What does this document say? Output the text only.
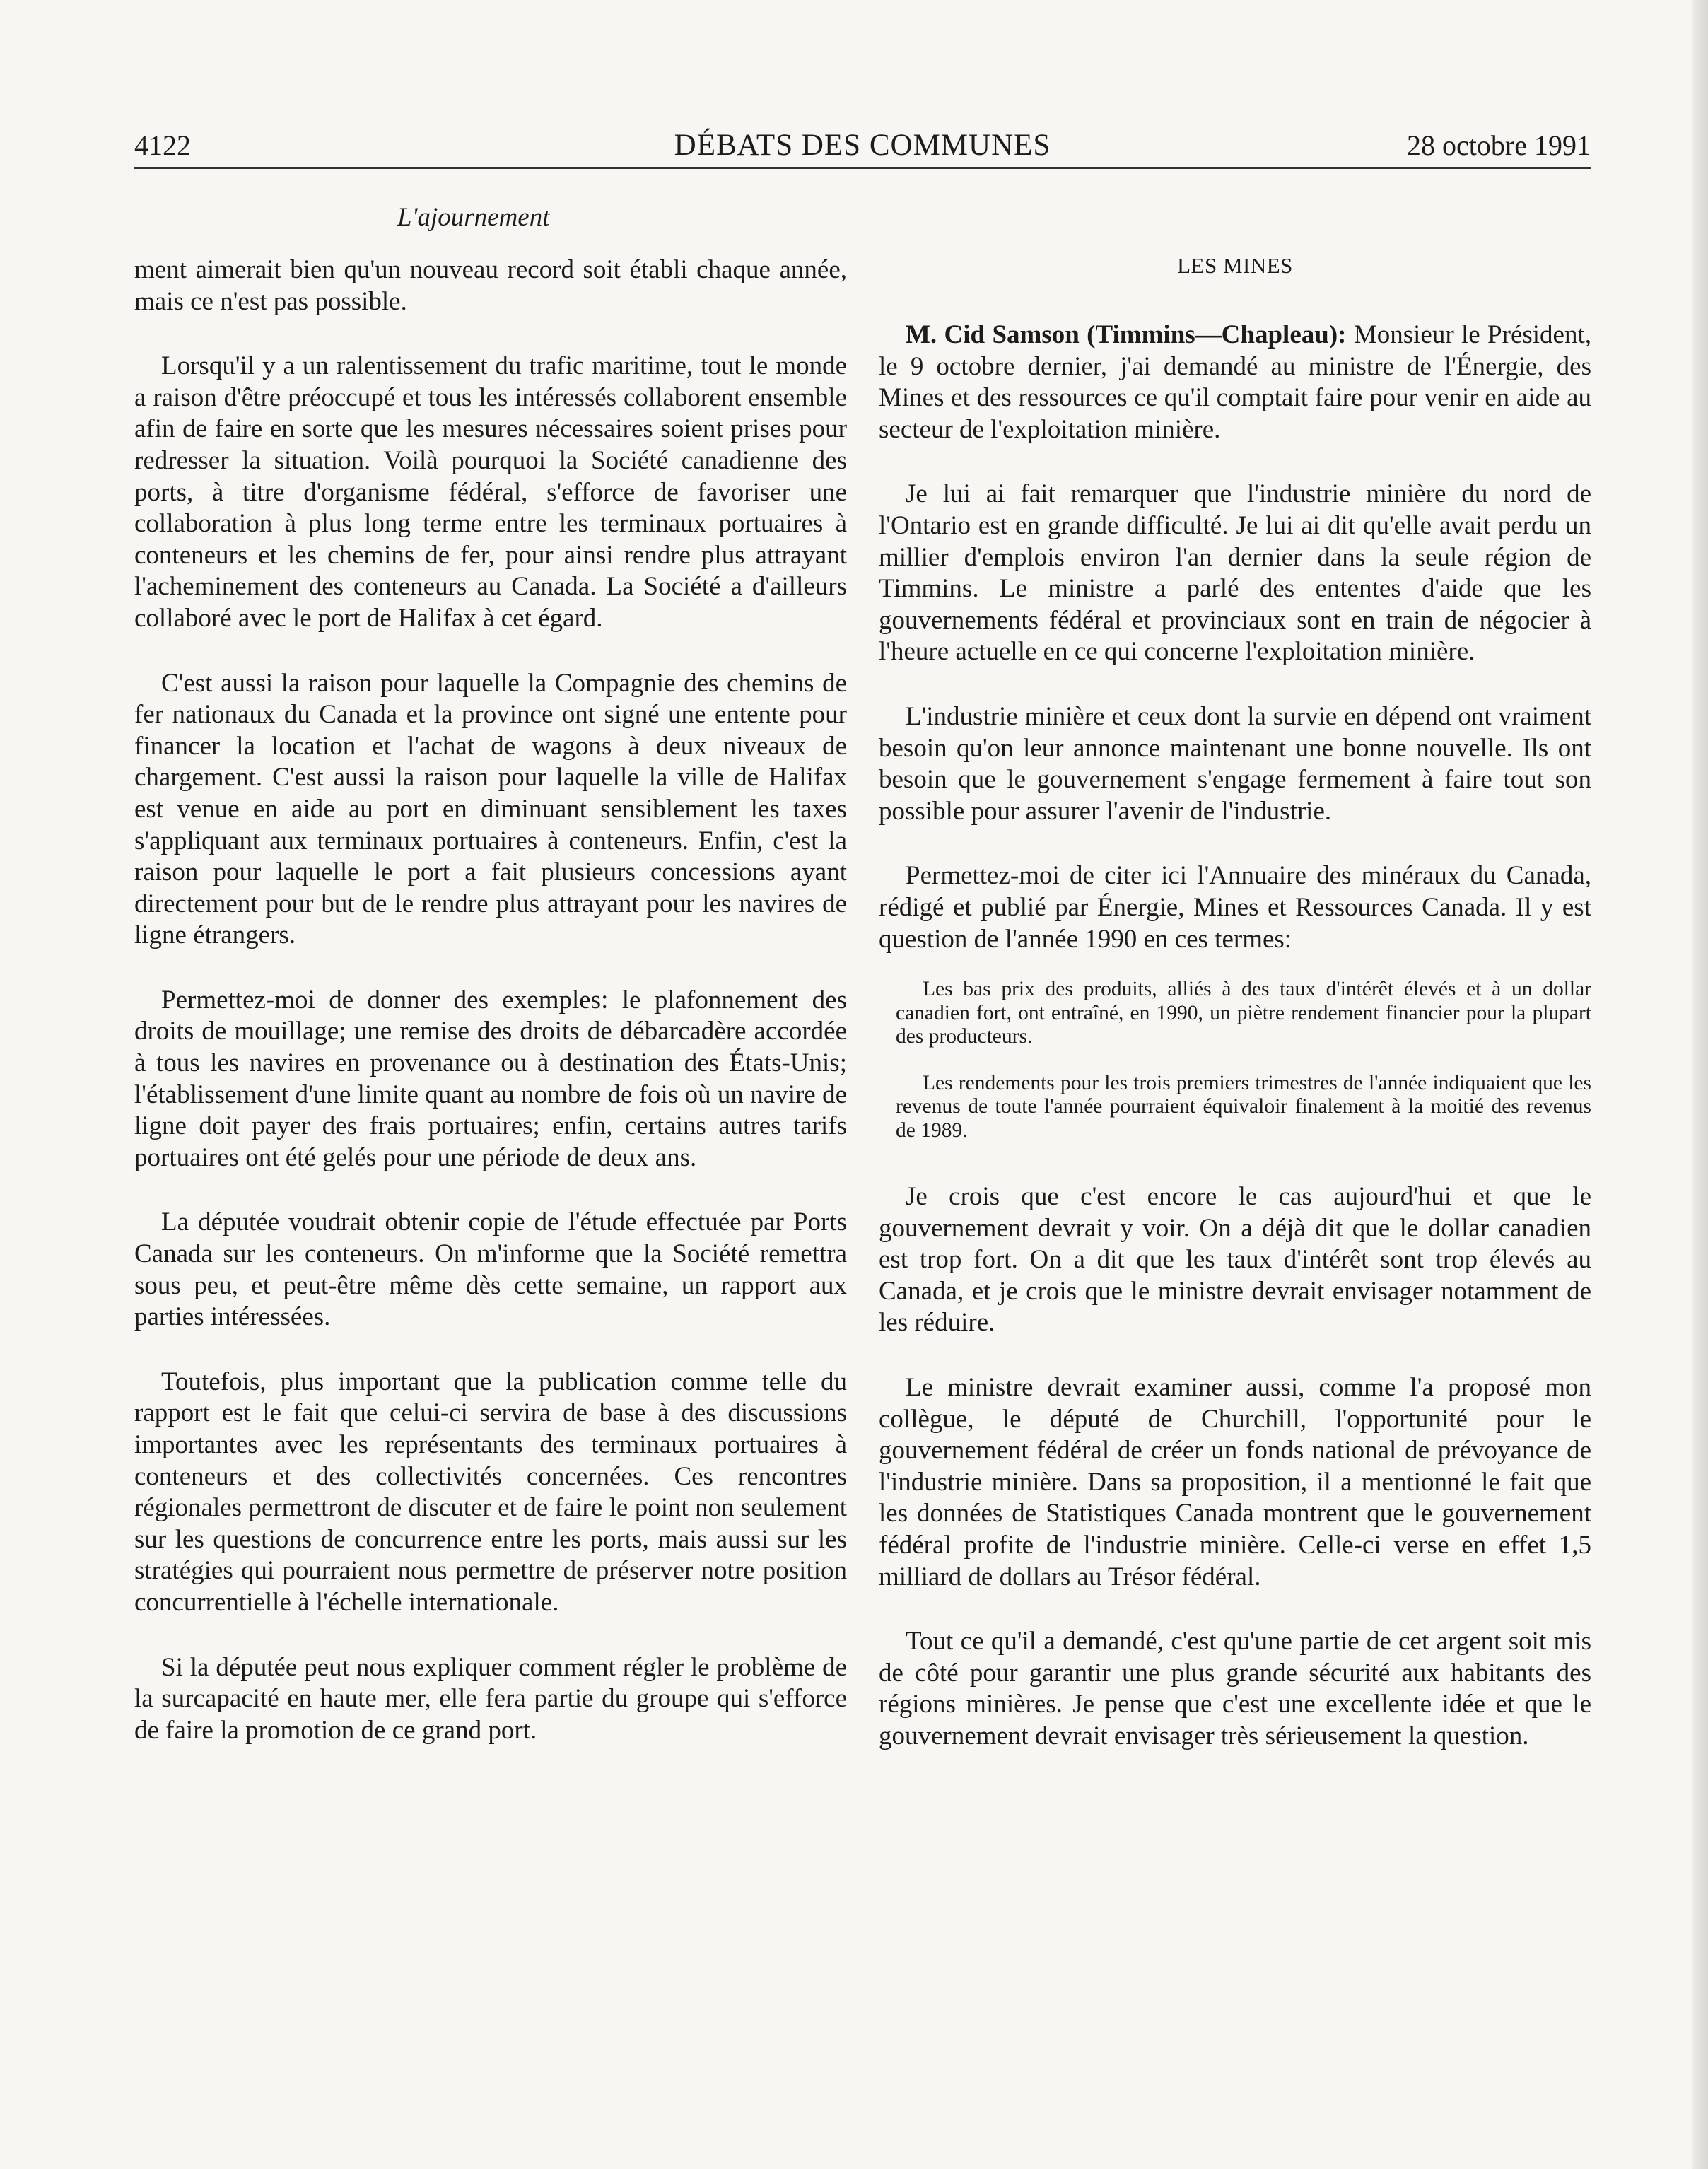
4122	DÉBATS DES COMMUNES	28 octobre 1991
L'ajournement

ment aimerait bien qu'un nouveau record soit établi chaque année, mais ce n'est pas possible.

Lorsqu'il y a un ralentissement du trafic maritime, tout le monde a raison d'être préoccupé et tous les intéressés collaborent ensemble afin de faire en sorte que les mesures nécessaires soient prises pour redresser la situation. Voilà pourquoi la Société canadienne des ports, à titre d'organisme fédéral, s'efforce de favoriser une collaboration à plus long terme entre les terminaux portuaires à conteneurs et les chemins de fer, pour ainsi rendre plus attrayant l'acheminement des conteneurs au Canada. La Société a d'ailleurs collaboré avec le port de Halifax à cet égard.

C'est aussi la raison pour laquelle la Compagnie des chemins de fer nationaux du Canada et la province ont signé une entente pour financer la location et l'achat de wagons à deux niveaux de chargement. C'est aussi la raison pour laquelle la ville de Halifax est venue en aide au port en diminuant sensiblement les taxes s'appliquant aux terminaux portuaires à conteneurs. Enfin, c'est la raison pour laquelle le port a fait plusieurs concessions ayant directement pour but de le rendre plus attrayant pour les navires de ligne étrangers.

Permettez-moi de donner des exemples: le plafonnement des droits de mouillage; une remise des droits de débarcadère accordée à tous les navires en provenance ou à destination des États-Unis; l'établissement d'une limite quant au nombre de fois où un navire de ligne doit payer des frais portuaires; enfin, certains autres tarifs portuaires ont été gelés pour une période de deux ans.

La députée voudrait obtenir copie de l'étude effectuée par Ports Canada sur les conteneurs. On m'informe que la Société remettra sous peu, et peut-être même dès cette semaine, un rapport aux parties intéressées.

Toutefois, plus important que la publication comme telle du rapport est le fait que celui-ci servira de base à des discussions importantes avec les représentants des terminaux portuaires à conteneurs et des collectivités concernées. Ces rencontres régionales permettront de discuter et de faire le point non seulement sur les questions de concurrence entre les ports, mais aussi sur les stratégies qui pourraient nous permettre de préserver notre position concurrentielle à l'échelle internationale.

Si la députée peut nous expliquer comment régler le problème de la surcapacité en haute mer, elle fera partie du groupe qui s'efforce de faire la promotion de ce grand port.

LES MINES

M. Cid Samson (Timmins—Chapleau): Monsieur le Président, le 9 octobre dernier, j'ai demandé au ministre de l'Énergie, des Mines et des ressources ce qu'il comptait faire pour venir en aide au secteur de l'exploitation minière.

Je lui ai fait remarquer que l'industrie minière du nord de l'Ontario est en grande difficulté. Je lui ai dit qu'elle avait perdu un millier d'emplois environ l'an dernier dans la seule région de Timmins. Le ministre a parlé des ententes d'aide que les gouvernements fédéral et provinciaux sont en train de négocier à l'heure actuelle en ce qui concerne l'exploitation minière.

L'industrie minière et ceux dont la survie en dépend ont vraiment besoin qu'on leur annonce maintenant une bonne nouvelle. Ils ont besoin que le gouvernement s'engage fermement à faire tout son possible pour assurer l'avenir de l'industrie.

Permettez-moi de citer ici l'Annuaire des minéraux du Canada, rédigé et publié par Énergie, Mines et Ressources Canada. Il y est question de l'année 1990 en ces termes:

Les bas prix des produits, alliés à des taux d'intérêt élevés et à un dollar canadien fort, ont entraîné, en 1990, un piètre rendement financier pour la plupart des producteurs.
Les rendements pour les trois premiers trimestres de l'année indiquaient que les revenus de toute l'année pourraient équivaloir finalement à la moitié des revenus de 1989.

Je crois que c'est encore le cas aujourd'hui et que le gouvernement devrait y voir. On a déjà dit que le dollar canadien est trop fort. On a dit que les taux d'intérêt sont trop élevés au Canada, et je crois que le ministre devrait envisager notamment de les réduire.

Le ministre devrait examiner aussi, comme l'a proposé mon collègue, le député de Churchill, l'opportunité pour le gouvernement fédéral de créer un fonds national de prévoyance de l'industrie minière. Dans sa proposition, il a mentionné le fait que les données de Statistiques Canada montrent que le gouvernement fédéral profite de l'industrie minière. Celle-ci verse en effet 1,5 milliard de dollars au Trésor fédéral.

Tout ce qu'il a demandé, c'est qu'une partie de cet argent soit mis de côté pour garantir une plus grande sécurité aux habitants des régions minières. Je pense que c'est une excellente idée et que le gouvernement devrait envisager très sérieusement la question.
